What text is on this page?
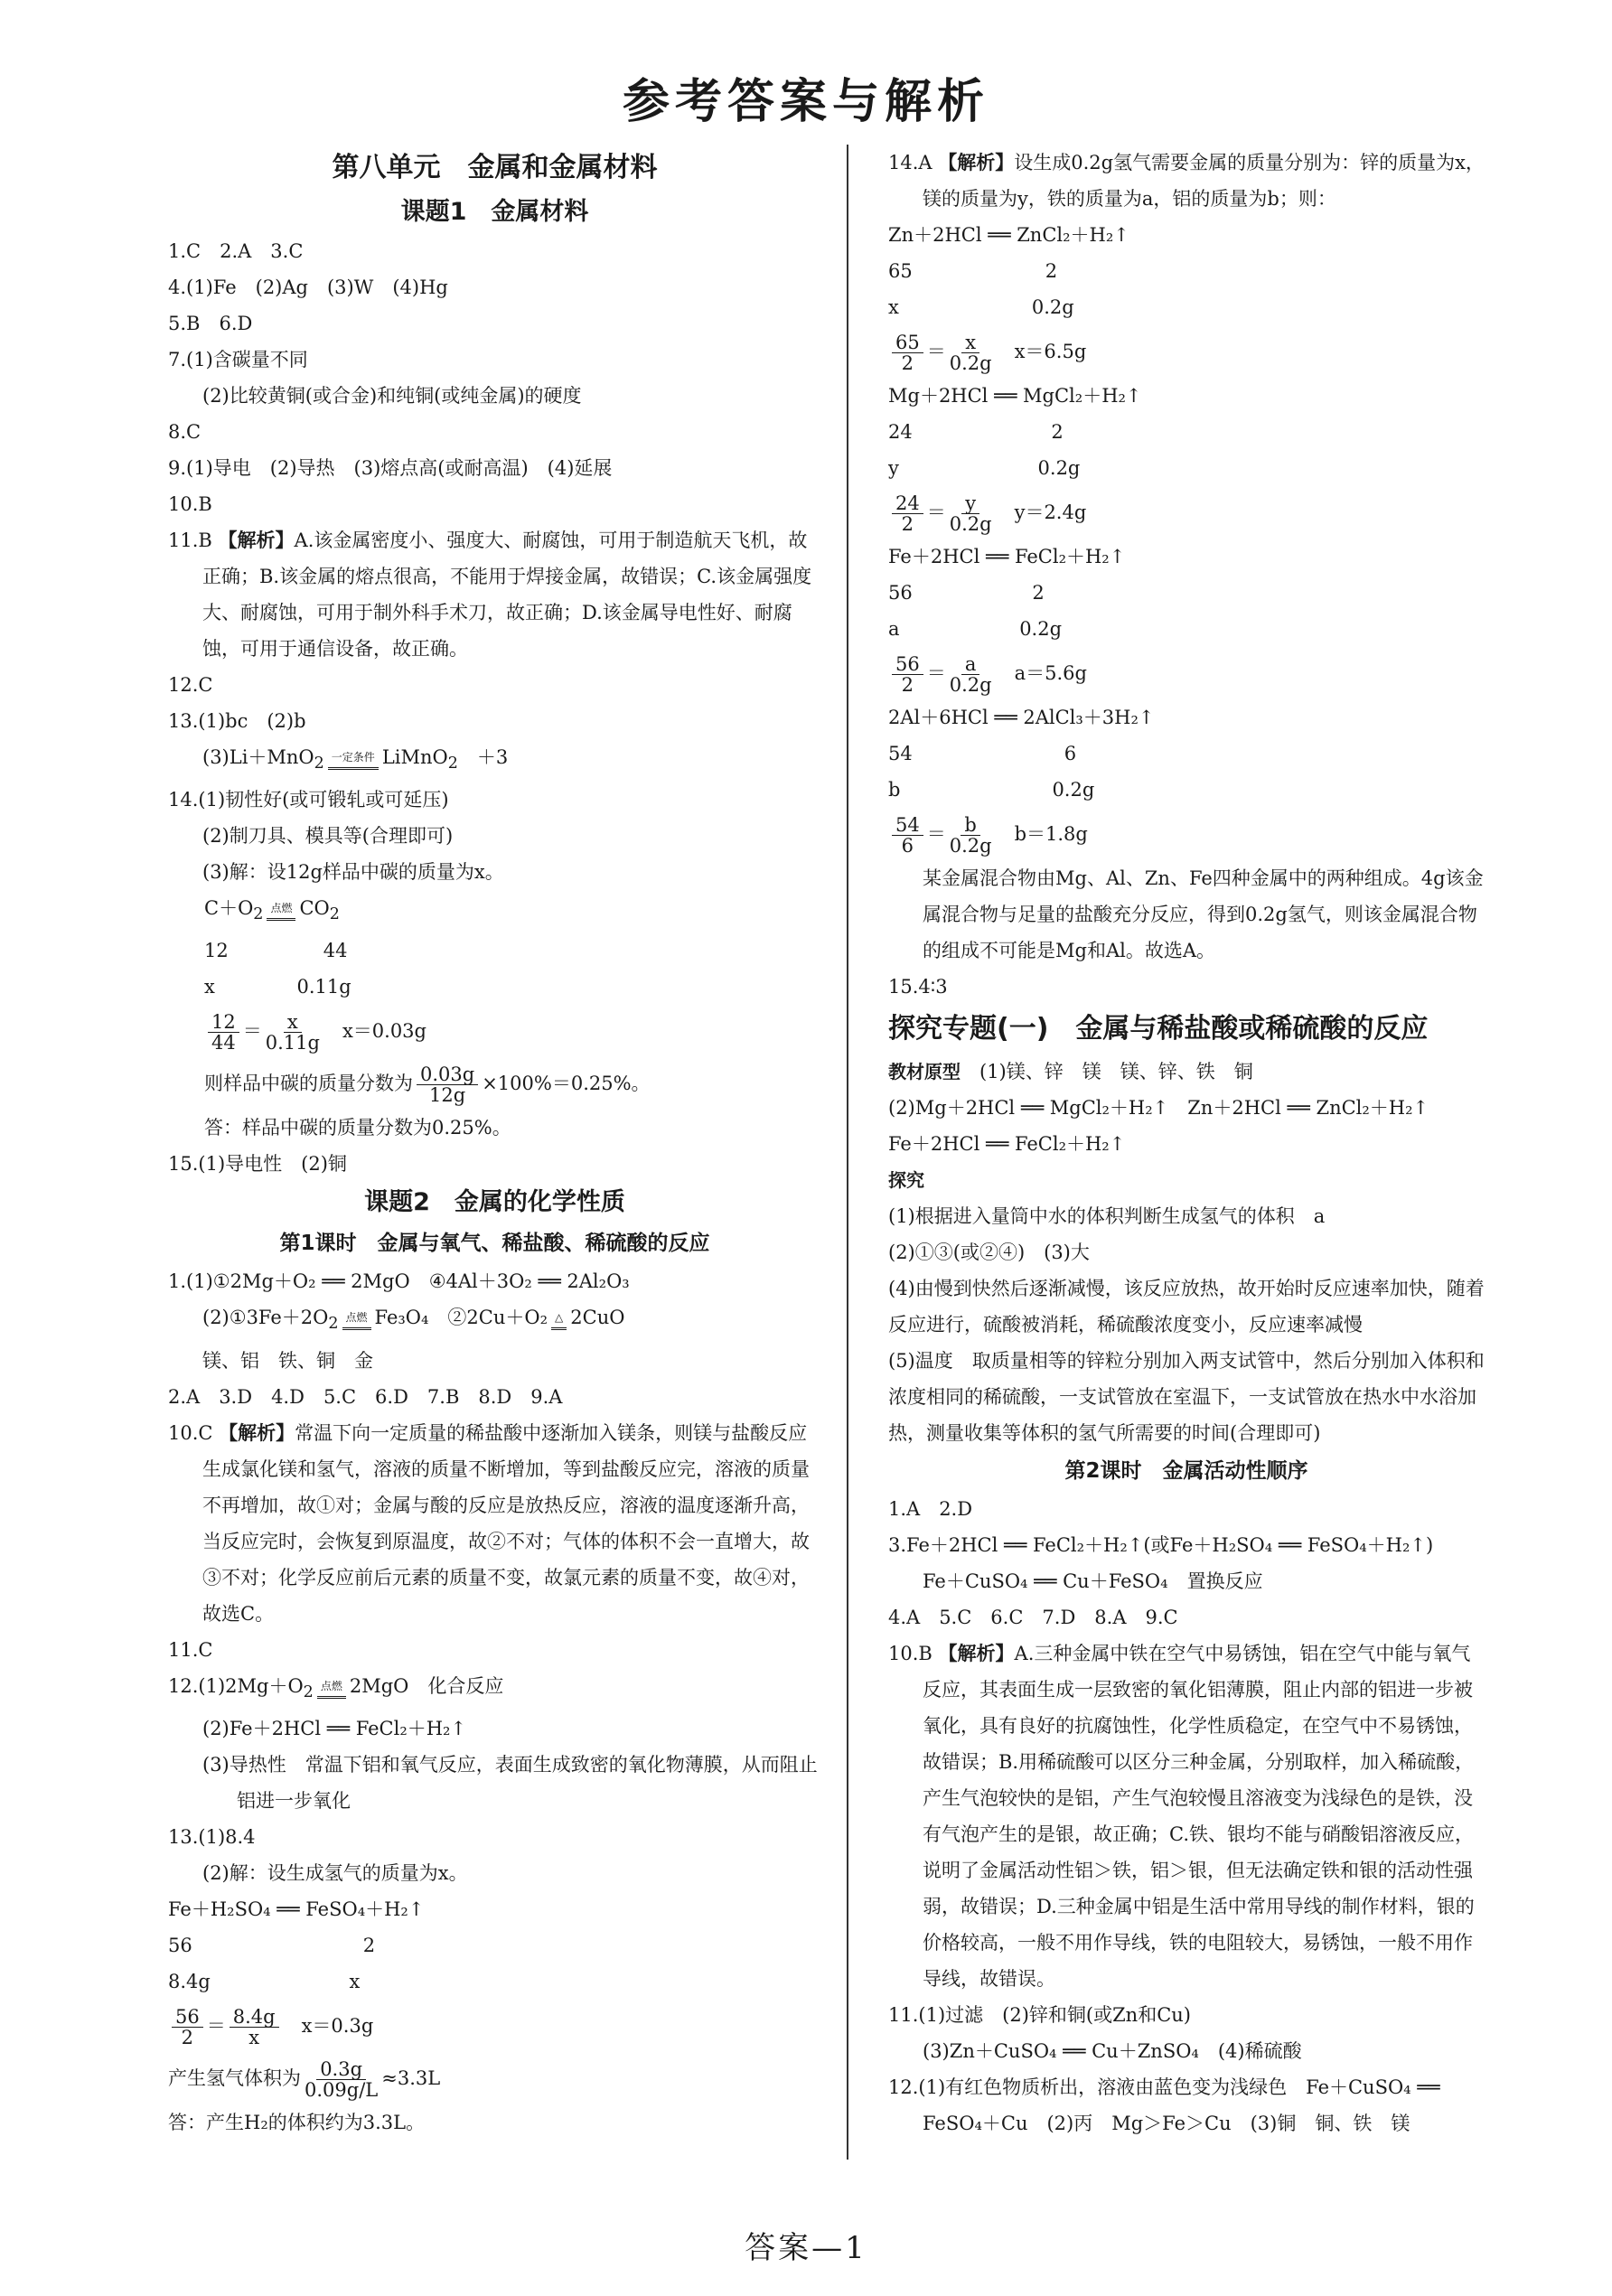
参考答案与解析
第八单元　金属和金属材料
课题1　金属材料
1.C　2.A　3.C
4.(1)Fe　(2)Ag　(3)W　(4)Hg
5.B　6.D
7.(1)含碳量不同
(2)比较黄铜(或合金)和纯铜(或纯金属)的硬度
8.C
9.(1)导电　(2)导热　(3)熔点高(或耐高温)　(4)延展
10.B
11.B 【解析】A.该金属密度小、强度大、耐腐蚀，可用于制造航天飞机，故正确；B.该金属的熔点很高，不能用于焊接金属，故错误；C.该金属强度大、耐腐蚀，可用于制外科手术刀，故正确；D.该金属导电性好、耐腐蚀，可用于通信设备，故正确。
12.C
13.(1)bc　(2)b
(3)Li＋MnO$_2$ 一定条件 LiMnO$_2$　＋3
14.(1)韧性好(或可锻轧或可延压)
(2)制刀具、模具等(合理即可)
(3)解：设12g样品中碳的质量为x。
$C+O_2$ 点燃 $CO_2$
12　　　　　44
x　　　　 0.11g
$\frac{12}{44} = \frac{x}{0.11g}$
　 x＝0.03g
则样品中碳的质量分数为 $\frac{0.03g}{12g} \times 100\%=0.25\%$。
答：样品中碳的质量分数为0.25%。
15.(1)导电性　(2)铜
课题2　金属的化学性质
第1课时　金属与氧气、稀盐酸、稀硫酸的反应
1.(1)①2Mg＋O₂ ══ 2MgO　④4Al＋3O₂ ══ 2Al₂O₃
$(2)①3Fe+2O_2$ 点燃 Fe₃O₄　②2Cu＋O₂ △ 2CuO
镁、铝　铁、铜　金
2.A　3.D　4.D　5.C　6.D　7.B　8.D　9.A
10.C 【解析】常温下向一定质量的稀盐酸中逐渐加入镁条，则镁与盐酸反应生成氯化镁和氢气，溶液的质量不断增加，等到盐酸反应完，溶液的质量不再增加，故①对；金属与酸的反应是放热反应，溶液的温度逐渐升高，当反应完时，会恢复到原温度，故②不对；气体的体积不会一直增大，故③不对；化学反应前后元素的质量不变，故氯元素的质量不变，故④对，故选C。
11.C
$12.(1)2Mg+O_2$ 点燃 2MgO　化合反应
(2)Fe＋2HCl ══ FeCl₂＋H₂↑
(3)导热性　常温下铝和氧气反应，表面生成致密的氧化物薄膜，从而阻止铝进一步氧化
13.(1)8.4
(2)解：设生成氢气的质量为x。
Fe＋H₂SO₄ ══ FeSO₄＋H₂↑
56　　　　　　　　　2
8.4g　　　　　　　 x
$\frac{56}{2} = \frac{8.4g}{x}$
　 x＝0.3g
产生氢气体积为 $\frac{0.3g}{0.09g/L} \approx 3.3L$
答：产生H₂的体积约为3.3L。
14.A 【解析】设生成0.2g氢气需要金属的质量分别为：锌的质量为x，镁的质量为y，铁的质量为a，铝的质量为b；则：
Zn＋2HCl ══ ZnCl₂＋H₂↑
65　　　　　　　2
x　　　　　　　0.2g
$\frac{65}{2} = \frac{x}{0.2g}$
　 x＝6.5g
Mg＋2HCl ══ MgCl₂＋H₂↑
24　　　　　　　 2
y　　　　　　　 0.2g
$\frac{24}{2} = \frac{y}{0.2g}$
　 y＝2.4g
Fe＋2HCl ══ FeCl₂＋H₂↑
56　　　　　　 2
a　　　　　　 0.2g
$\frac{56}{2} = \frac{a}{0.2g}$
　 a＝5.6g
2Al＋6HCl ══ 2AlCl₃＋3H₂↑
54　　　　　　　　6
b　　　　　　　　0.2g
$\frac{54}{6} = \frac{b}{0.2g}$
　 b＝1.8g
某金属混合物由Mg、Al、Zn、Fe四种金属中的两种组成。4g该金属混合物与足量的盐酸充分反应，得到0.2g氢气，则该金属混合物的组成不可能是Mg和Al。故选A。
15.4∶3
探究专题(一)　金属与稀盐酸或稀硫酸的反应
教材原型　 (1)镁、锌　镁　镁、锌、铁　铜
(2)Mg＋2HCl ══ MgCl₂＋H₂↑　Zn＋2HCl ══ ZnCl₂＋H₂↑
Fe＋2HCl ══ FeCl₂＋H₂↑
探究
(1)根据进入量筒中水的体积判断生成氢气的体积　a
(2)①③(或②④)　(3)大
(4)由慢到快然后逐渐减慢，该反应放热，故开始时反应速率加快，随着反应进行，硫酸被消耗，稀硫酸浓度变小，反应速率减慢
(5)温度　取质量相等的锌粒分别加入两支试管中，然后分别加入体积和浓度相同的稀硫酸，一支试管放在室温下，一支试管放在热水中水浴加热，测量收集等体积的氢气所需要的时间(合理即可)
第2课时　金属活动性顺序
1.A　2.D
3.Fe＋2HCl ══ FeCl₂＋H₂↑(或Fe＋H₂SO₄ ══ FeSO₄＋H₂↑)
Fe＋CuSO₄ ══ Cu＋FeSO₄　置换反应
4.A　5.C　6.C　7.D　8.A　9.C
10.B 【解析】A.三种金属中铁在空气中易锈蚀，铝在空气中能与氧气反应，其表面生成一层致密的氧化铝薄膜，阻止内部的铝进一步被氧化，具有良好的抗腐蚀性，化学性质稳定，在空气中不易锈蚀，故错误；B.用稀硫酸可以区分三种金属，分别取样，加入稀硫酸，产生气泡较快的是铝，产生气泡较慢且溶液变为浅绿色的是铁，没有气泡产生的是银，故正确；C.铁、银均不能与硝酸铝溶液反应，说明了金属活动性铝＞铁，铝＞银，但无法确定铁和银的活动性强弱，故错误；D.三种金属中铝是生活中常用导线的制作材料，银的价格较高，一般不用作导线，铁的电阻较大，易锈蚀，一般不用作导线，故错误。
11.(1)过滤　(2)锌和铜(或Zn和Cu)
(3)Zn＋CuSO₄ ══ Cu＋ZnSO₄　(4)稀硫酸
12.(1)有红色物质析出，溶液由蓝色变为浅绿色　Fe＋CuSO₄ ══
FeSO₄＋Cu　(2)丙　Mg＞Fe＞Cu　(3)铜　铜、铁　镁
答案—1
